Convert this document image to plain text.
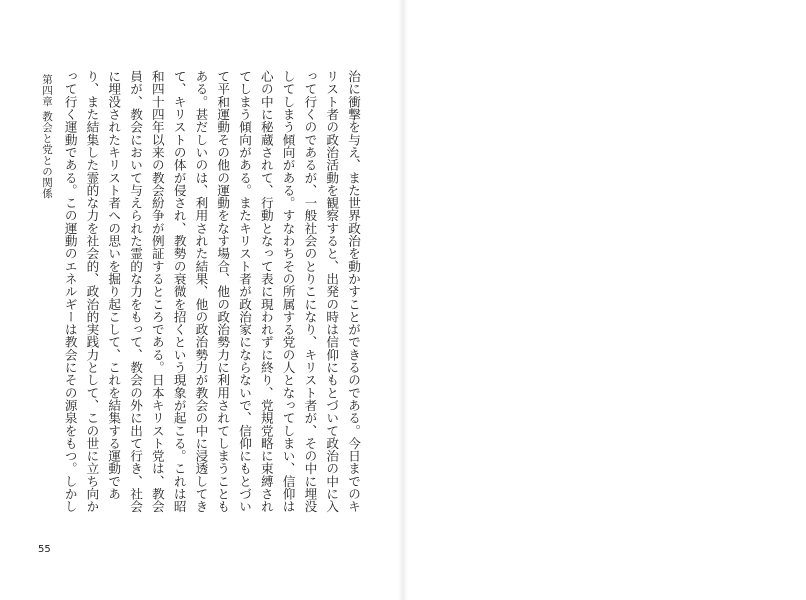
第四章 教会と党との関係	治に衝撃を与え、また世界政治を動かすことができるのである。今日までのキリスト者の政治活動を観察すると、出発の時は信仰にもとづいて政治の中に入って行くのであるが、一般社会のとりこになり、キリスト者が、その中に埋没してしまう傾向がある。すなわちその所属する党の人となってしまい、信仰は心の中に秘蔵されて、行動となって表に現われずに終り、党規党略に束縛されてしまう傾向がある。またキリスト者が政治家にならないで、信仰にもとづいて平和運動その他の運動をなす場合、他の政治勢力に利用されてしまうこともある。甚だしいのは、利用された結果、他の政治勢力が教会の中に浸透してきて、キリストの体が侵され、教勢の衰微を招くという現象が起こる。これは昭和四十四年以来の教会紛争が例証するところである。日本キリスト党は、教会員が、教会において与えられた霊的な力をもって、教会の外に出て行き、社会に埋没されたキリスト者への思いを掘り起こして、これを結集する運動であり、また結集した霊的な力を社会的、政治的実践力として、この世に立ち向かって行く運動である。この運動のエネルギーは教会にその源泉をもつ。しかし

55
